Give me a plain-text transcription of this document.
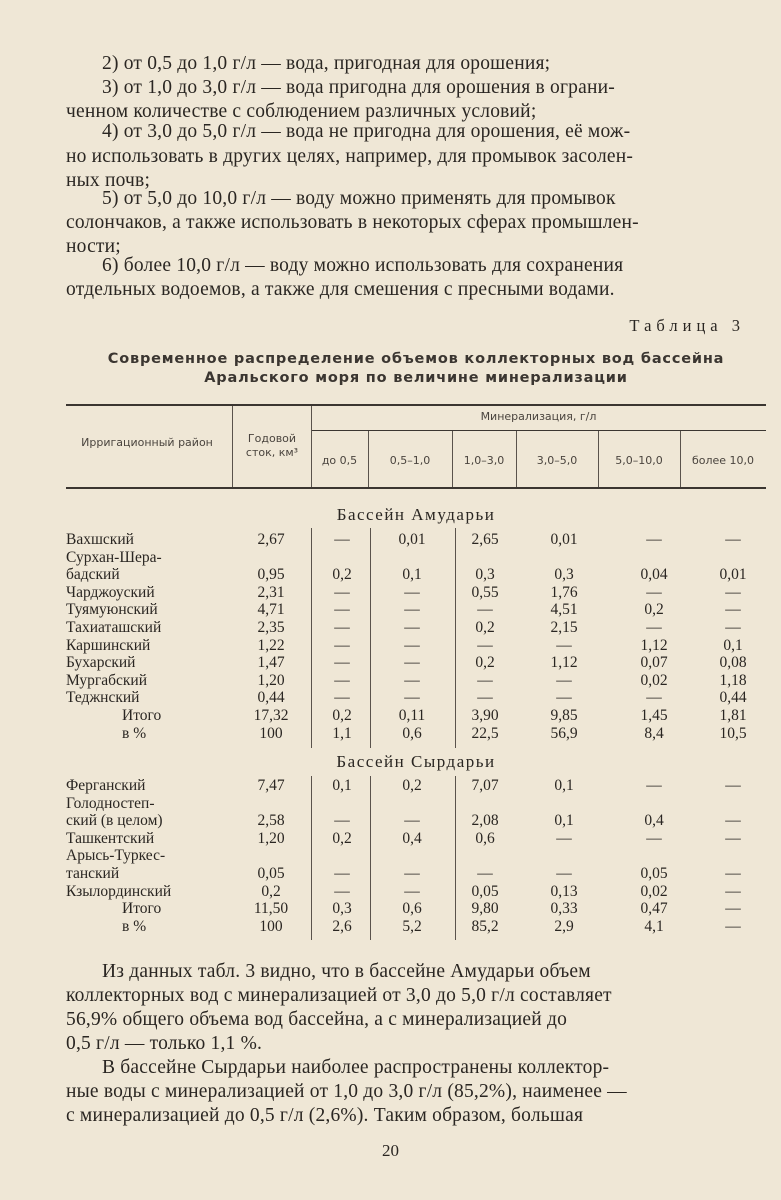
2) от 0,5 до 1,0 г/л — вода, пригодная для орошения;

3) от 1,0 до 3,0 г/л — вода пригодна для орошения в ограни-

ченном количестве с соблюдением различных условий;

4) от 3,0 до 5,0 г/л — вода не пригодна для орошения, её мож-

но использовать в других целях, например, для промывок засолен-

ных почв;

5) от 5,0 до 10,0 г/л — воду можно применять для промывок

солончаков, а также использовать в некоторых сферах промышлен-

ности;

6) более 10,0 г/л — воду можно использовать для сохранения

отдельных водоемов, а также для смешения с пресными водами.

Таблица 3
Современное распределение объемов коллекторных вод бассейна
Аральского моря по величине минерализации
Ирригационный район	Годовой сток, км³
Минерализация, г/л
до 0,5	0,5–1,0	1,0–3,0	3,0–5,0	5,0–10,0	более 10,0
Бассейн Амударьи
Вахшский	2,67	—	0,01	2,65	0,01	—	—
Сурхан-Шера-
бадский	0,95	0,2	0,1	0,3	0,3	0,04	0,01
Чарджоуский	2,31	—	—	0,55	1,76	—	—
Туямуюнский	4,71	—	—	—	4,51	0,2	—
Тахиаташский	2,35	—	—	0,2	2,15	—	—
Каршинский	1,22	—	—	—	—	1,12	0,1
Бухарский	1,47	—	—	0,2	1,12	0,07	0,08
Мургабский	1,20	—	—	—	—	0,02	1,18
Теджнский	0,44	—	—	—	—	—	0,44
Итого	17,32	0,2	0,11	3,90	9,85	1,45	1,81
в %	100	1,1	0,6	22,5	56,9	8,4	10,5
Бассейн Сырдарьи
Ферганский	7,47	0,1	0,2	7,07	0,1	—	—
Голодностеп-
ский (в целом)	2,58	—	—	2,08	0,1	0,4	—
Ташкентский	1,20	0,2	0,4	0,6	—	—	—
Арысь-Туркес-
танский	0,05	—	—	—	—	0,05	—
Кзылординский	0,2	—	—	0,05	0,13	0,02	—
Итого	11,50	0,3	0,6	9,80	0,33	0,47	—
в %	100	2,6	5,2	85,2	2,9	4,1	—

Из данных табл. 3 видно, что в бассейне Амударьи объем

коллекторных вод с минерализацией от 3,0 до 5,0 г/л составляет

56,9% общего объема вод бассейна, а с минерализацией до

0,5 г/л — только 1,1 %.

В бассейне Сырдарьи наиболее распространены коллектор-

ные воды с минерализацией от 1,0 до 3,0 г/л (85,2%), наименее —

с минерализацией до 0,5 г/л (2,6%). Таким образом, большая

20
